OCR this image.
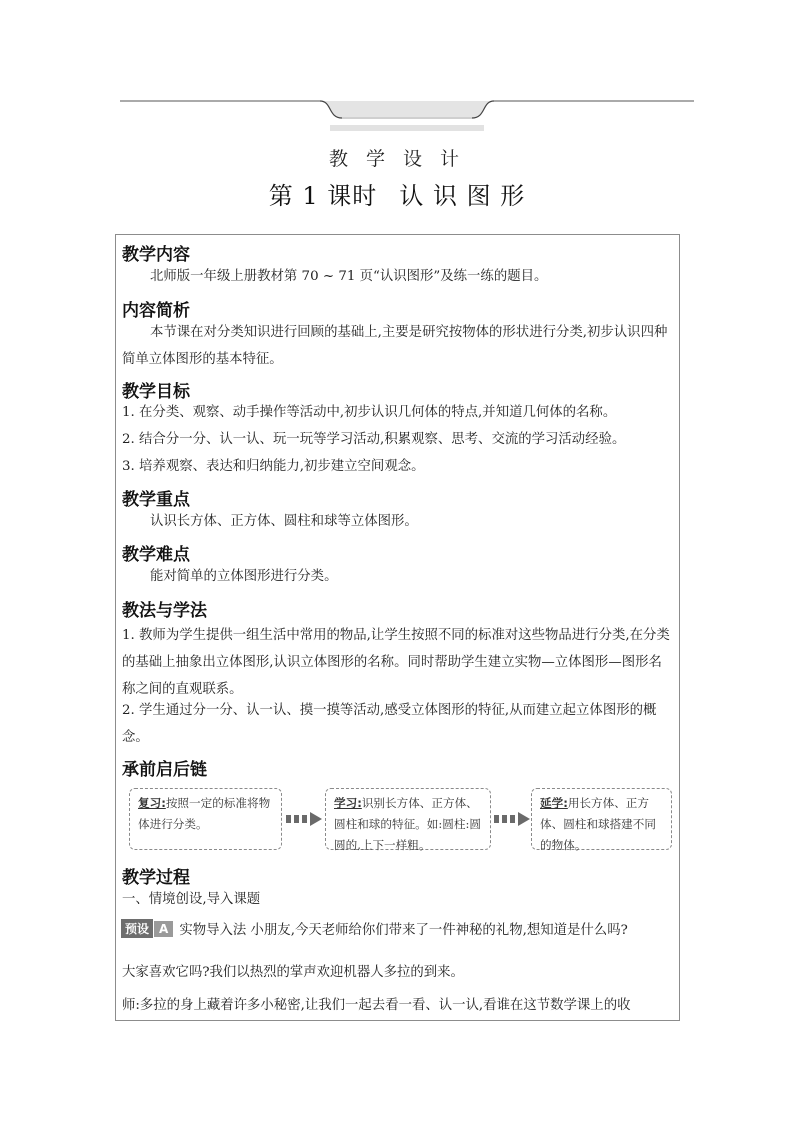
教 学 设 计
第 1 课时 认 识 图 形
教学内容
北师版一年级上册教材第 70 ~ 71 页“认识图形”及练一练的题目。
内容简析
本节课在对分类知识进行回顾的基础上,主要是研究按物体的形状进行分类,初步认识四种简单立体图形的基本特征。
教学目标
1. 在分类、观察、动手操作等活动中,初步认识几何体的特点,并知道几何体的名称。
2. 结合分一分、认一认、玩一玩等学习活动,积累观察、思考、交流的学习活动经验。
3. 培养观察、表达和归纳能力,初步建立空间观念。
教学重点
认识长方体、正方体、圆柱和球等立体图形。
教学难点
能对简单的立体图形进行分类。
教法与学法
1. 教师为学生提供一组生活中常用的物品,让学生按照不同的标准对这些物品进行分类,在分类的基础上抽象出立体图形,认识立体图形的名称。同时帮助学生建立实物—立体图形—图形名称之间的直观联系。
2. 学生通过分一分、认一认、摸一摸等活动,感受立体图形的特征,从而建立起立体图形的概念。
承前启后链
复习:按照一定的标准将物体进行分类。
学习:识别长方体、正方体、圆柱和球的特征。如:圆柱:圆圆的,上下一样粗。
延学:用长方体、正方体、圆柱和球搭建不同的物体。
教学过程
一、情境创设,导入课题
预设 A 实物导入法 小朋友,今天老师给你们带来了一件神秘的礼物,想知道是什么吗?
大家喜欢它吗?我们以热烈的掌声欢迎机器人多拉的到来。
师:多拉的身上藏着许多小秘密,让我们一起去看一看、认一认,看谁在这节数学课上的收
